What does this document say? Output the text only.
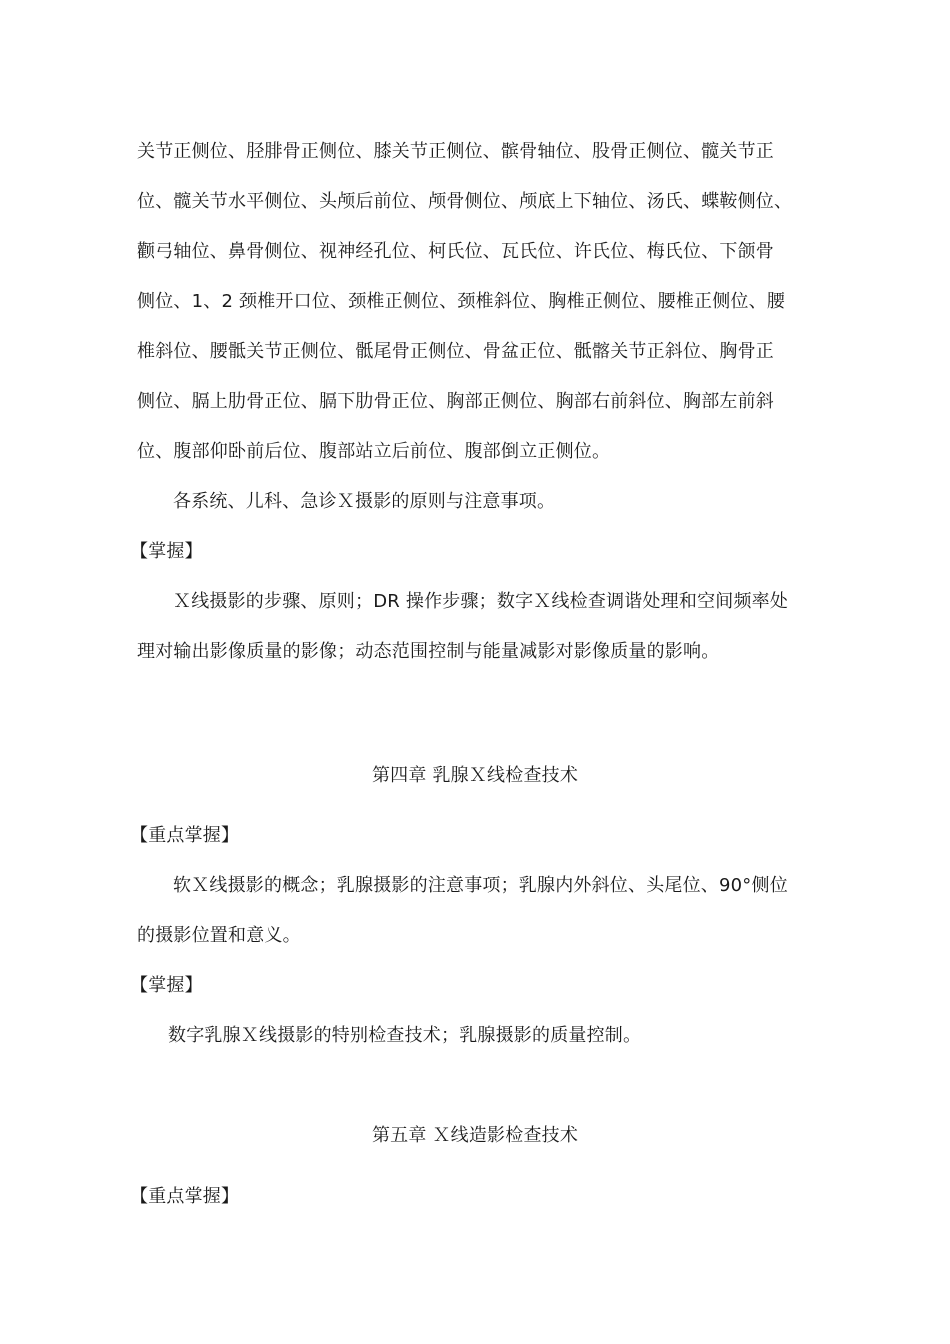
关节正侧位、胫腓骨正侧位、膝关节正侧位、髌骨轴位、股骨正侧位、髋关节正
位、髋关节水平侧位、头颅后前位、颅骨侧位、颅底上下轴位、汤氏、蝶鞍侧位、
颧弓轴位、鼻骨侧位、视神经孔位、柯氏位、瓦氏位、许氏位、梅氏位、下颌骨
侧位、1、2 颈椎开口位、颈椎正侧位、颈椎斜位、胸椎正侧位、腰椎正侧位、腰
椎斜位、腰骶关节正侧位、骶尾骨正侧位、骨盆正位、骶髂关节正斜位、胸骨正
侧位、膈上肋骨正位、膈下肋骨正位、胸部正侧位、胸部右前斜位、胸部左前斜
位、腹部仰卧前后位、腹部站立后前位、腹部倒立正侧位。
各系统、儿科、急诊Ｘ摄影的原则与注意事项。
【掌握】
Ｘ线摄影的步骤、原则；DR 操作步骤；数字Ｘ线检查调谐处理和空间频率处
理对输出影像质量的影像；动态范围控制与能量减影对影像质量的影响。
第四章 乳腺Ｘ线检查技术
【重点掌握】
软Ｘ线摄影的概念；乳腺摄影的注意事项；乳腺内外斜位、头尾位、90°侧位
的摄影位置和意义。
【掌握】
数字乳腺Ｘ线摄影的特别检查技术；乳腺摄影的质量控制。
第五章 Ｘ线造影检查技术
【重点掌握】
